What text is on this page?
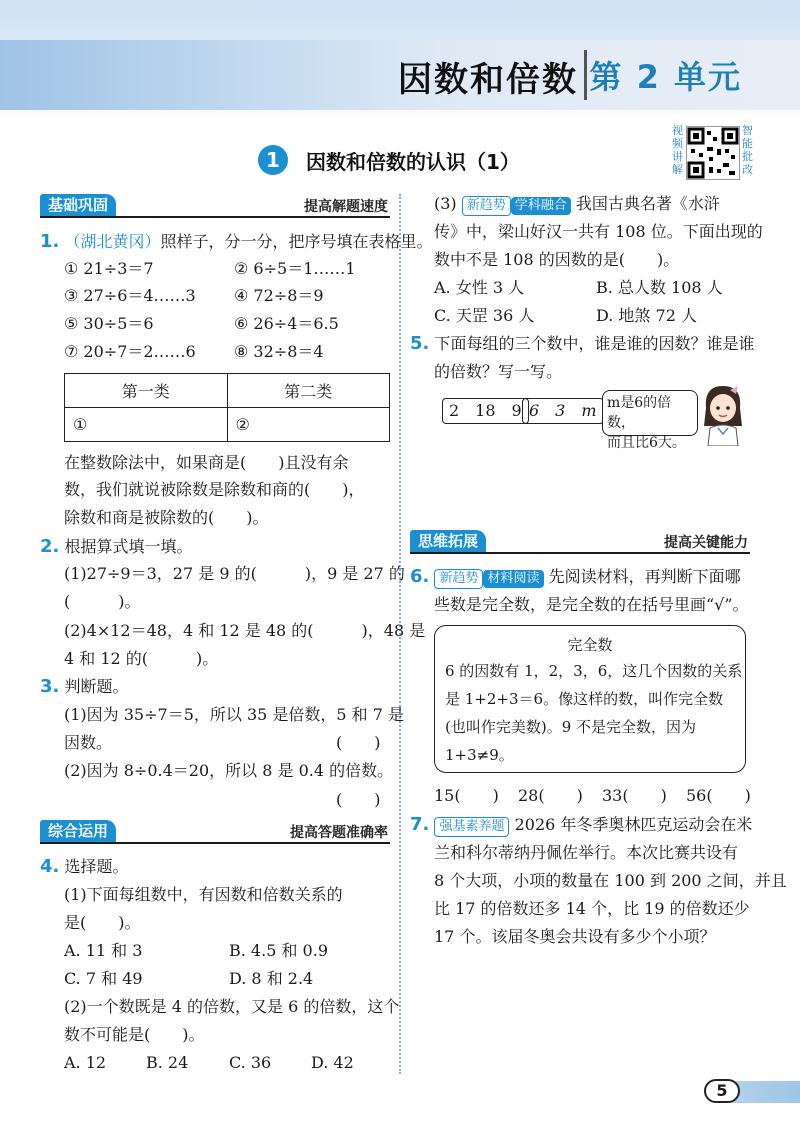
因数和倍数 第 2 单元
1	因数和倍数的认识（1）
视频讲解
智能批改
基础巩固	提高解题速度
1. （湖北黄冈）照样子，分一分，把序号填在表格里。
① 21÷3＝7	② 6÷5＝1……1
③ 27÷6＝4……3 ④ 72÷8＝9
⑤ 30÷5＝6	⑥ 26÷4＝6.5
⑦ 20÷7＝2……6 ⑧ 32÷8＝4
第一类	第二类
①	②
在整数除法中，如果商是(　　)且没有余
数，我们就说被除数是除数和商的(　　)，
除数和商是被除数的(　　)。
2. 根据算式填一填。
(1)27÷9＝3，27 是 9 的(　　　)，9 是 27 的
(　　　)。
(2)4×12＝48，4 和 12 是 48 的(　　　)，48 是
4 和 12 的(　　　)。
3. 判断题。
(1)因为 35÷7＝5，所以 35 是倍数，5 和 7 是
因数。	(　　)
(2)因为 8÷0.4＝20，所以 8 是 0.4 的倍数。
(　　)
综合运用	提高答题准确率
4. 选择题。
(1)下面每组数中，有因数和倍数关系的
是(　　)。
A. 11 和 3	B. 4.5 和 0.9
C. 7 和 49	D. 8 和 2.4
(2)一个数既是 4 的倍数，又是 6 的倍数，这个
数不可能是(　　)。
A. 12 B. 24	C. 36 D. 42
(3) 新趋势 学科融合 我国古典名著《水浒
传》中，梁山好汉一共有 108 位。下面出现的
数中不是 108 的因数的是(　　)。
A. 女性 3 人	B. 总人数 108 人
C. 天罡 36 人	D. 地煞 72 人
5. 下面每组的三个数中，谁是谁的因数？谁是谁
的倍数？写一写。
2　18　9 6　3　m m是6的倍数，
而且比6大。
思维拓展	提高关键能力
6. 新趋势 材料阅读 先阅读材料，再判断下面哪
些数是完全数，是完全数的在括号里画“√”。
完全数
6 的因数有 1，2，3，6，这几个因数的关系
是 1+2+3＝6。像这样的数，叫作完全数
(也叫作完美数)。9 不是完全数，因为
1+3≠9。
15(　　) 28(　　) 33(　　) 56(　　)
7. 强基素养题 2026 年冬季奥林匹克运动会在米
兰和科尔蒂纳丹佩佐举行。本次比赛共设有
8 个大项，小项的数量在 100 到 200 之间，并且
比 17 的倍数还多 14 个，比 19 的倍数还少
17 个。该届冬奥会共设有多少个小项？
5
